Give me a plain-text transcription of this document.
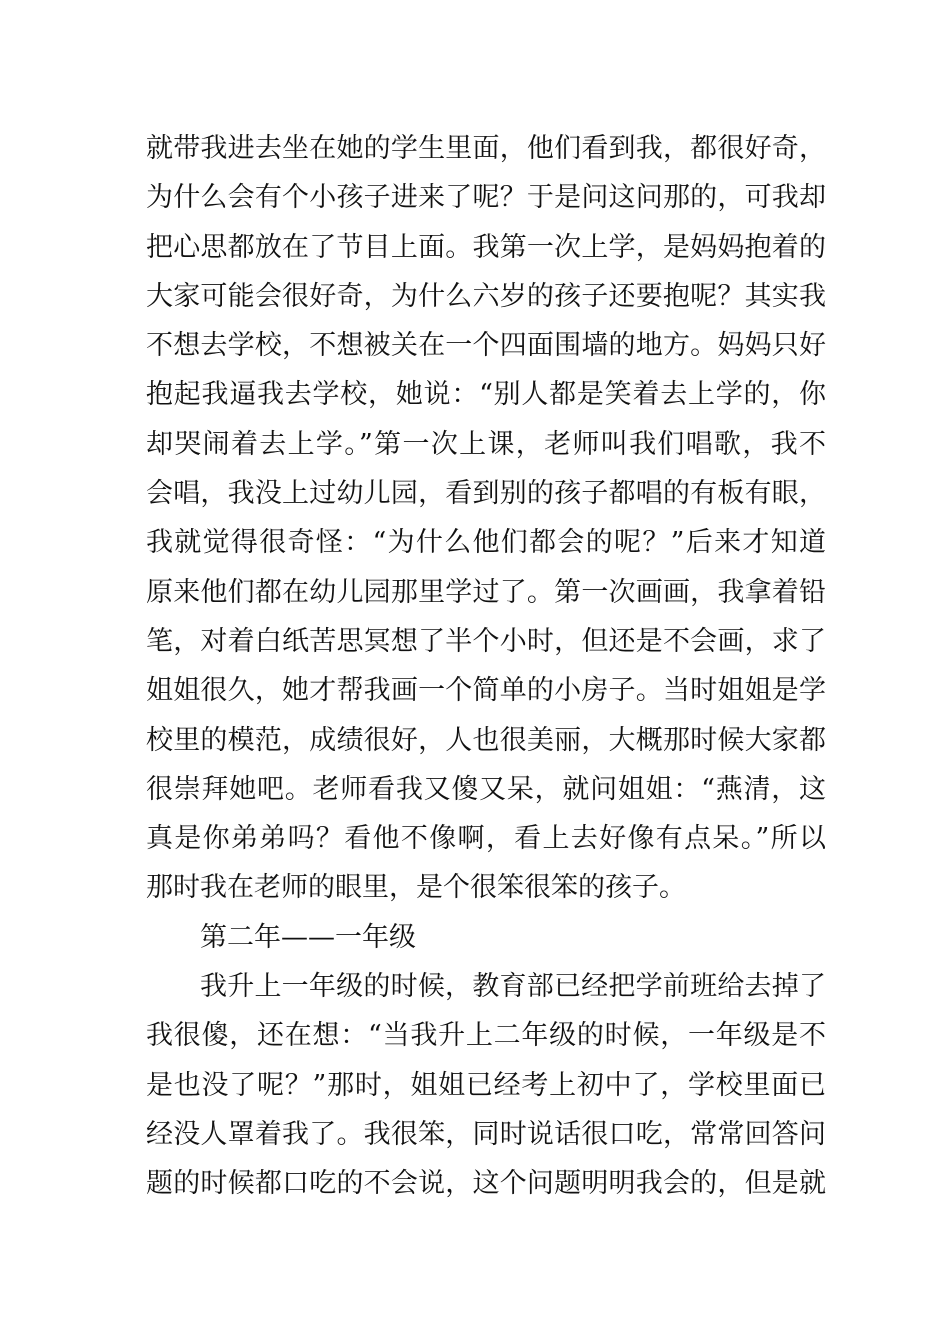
就带我进去坐在她的学生里面，他们看到我，都很好奇，
为什么会有个小孩子进来了呢？于是问这问那的，可我却
把心思都放在了节目上面。我第一次上学，是妈妈抱着的
大家可能会很好奇，为什么六岁的孩子还要抱呢？其实我
不想去学校，不想被关在一个四面围墙的地方。妈妈只好
抱起我逼我去学校，她说：“别人都是笑着去上学的，你
却哭闹着去上学。”第一次上课，老师叫我们唱歌，我不
会唱，我没上过幼儿园，看到别的孩子都唱的有板有眼，
我就觉得很奇怪：“为什么他们都会的呢？”后来才知道
原来他们都在幼儿园那里学过了。第一次画画，我拿着铅
笔，对着白纸苦思冥想了半个小时，但还是不会画，求了
姐姐很久，她才帮我画一个简单的小房子。当时姐姐是学
校里的模范，成绩很好，人也很美丽，大概那时候大家都
很崇拜她吧。老师看我又傻又呆，就问姐姐：“燕清，这
真是你弟弟吗？看他不像啊，看上去好像有点呆。”所以
那时我在老师的眼里，是个很笨很笨的孩子。
第二年——一年级
我升上一年级的时候，教育部已经把学前班给去掉了
我很傻，还在想：“当我升上二年级的时候，一年级是不
是也没了呢？”那时，姐姐已经考上初中了，学校里面已
经没人罩着我了。我很笨，同时说话很口吃，常常回答问
题的时候都口吃的不会说，这个问题明明我会的，但是就
